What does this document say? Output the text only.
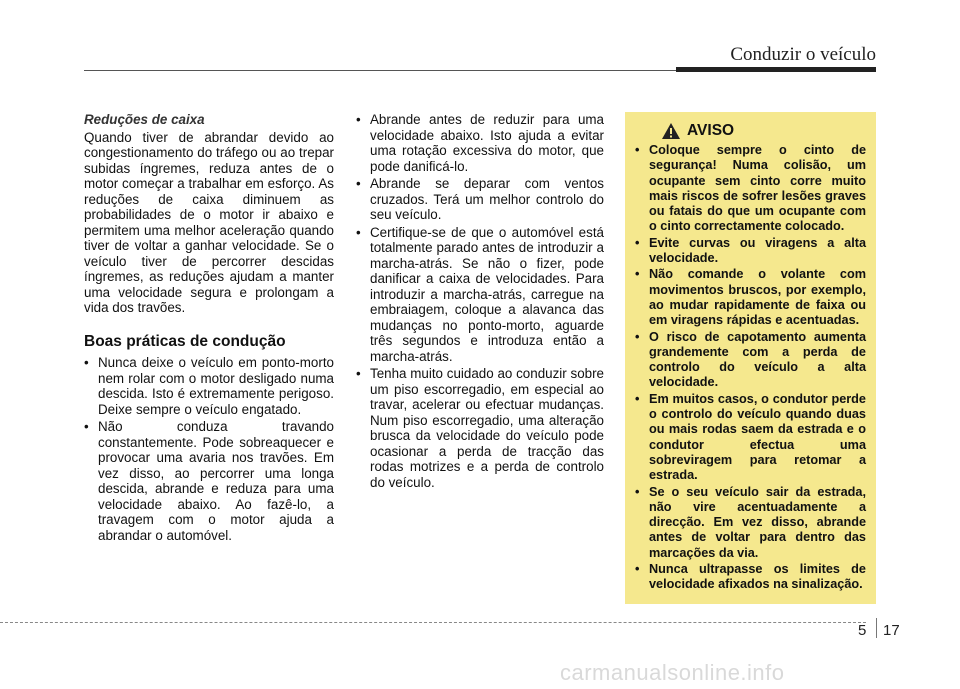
Conduzir o veículo
Reduções de caixa

Quando tiver de abrandar devido ao congestionamento do tráfego ou ao trepar subidas íngremes, reduza antes de o motor começar a trabalhar em esforço. As reduções de caixa diminuem as probabilidades de o motor ir abaixo e permitem uma melhor aceleração quando tiver de voltar a ganhar velocidade. Se o veículo tiver de percorrer descidas íngremes, as reduções ajudam a manter uma velocidade segura e prolongam a vida dos travões.

Boas práticas de condução
• Nunca deixe o veículo em ponto-morto nem rolar com o motor desligado numa descida. Isto é extremamente perigoso. Deixe sempre o veículo engatado.
• Não conduza travando constantemente. Pode sobreaquecer e provocar uma avaria nos travões. Em vez disso, ao percorrer uma longa descida, abrande e reduza para uma velocidade abaixo. Ao fazê-lo, a travagem com o motor ajuda a abrandar o automóvel.
• Abrande antes de reduzir para uma velocidade abaixo. Isto ajuda a evitar uma rotação excessiva do motor, que pode danificá-lo.
• Abrande se deparar com ventos cruzados. Terá um melhor controlo do seu veículo.
• Certifique-se de que o automóvel está totalmente parado antes de introduzir a marcha-atrás. Se não o fizer, pode danificar a caixa de velocidades. Para introduzir a marcha-atrás, carregue na embraiagem, coloque a alavanca das mudanças no ponto-morto, aguarde três segundos e introduza então a marcha-atrás.
• Tenha muito cuidado ao conduzir sobre um piso escorregadio, em especial ao travar, acelerar ou efectuar mudanças. Num piso escorregadio, uma alteração brusca da velocidade do veículo pode ocasionar a perda de tracção das rodas motrizes e a perda de controlo do veículo.
AVISO
• Coloque sempre o cinto de segurança! Numa colisão, um ocupante sem cinto corre muito mais riscos de sofrer lesões graves ou fatais do que um ocupante com o cinto correctamente colocado.
• Evite curvas ou viragens a alta velocidade.
• Não comande o volante com movimentos bruscos, por exemplo, ao mudar rapidamente de faixa ou em viragens rápidas e acentuadas.
• O risco de capotamento aumenta grandemente com a perda de controlo do veículo a alta velocidade.
• Em muitos casos, o condutor perde o controlo do veículo quando duas ou mais rodas saem da estrada e o condutor efectua uma sobreviragem para retomar a estrada.
• Se o seu veículo sair da estrada, não vire acentuadamente a direcção. Em vez disso, abrande antes de voltar para dentro das marcações da via.
• Nunca ultrapasse os limites de velocidade afixados na sinalização.
5 17
carmanualsonline.info
